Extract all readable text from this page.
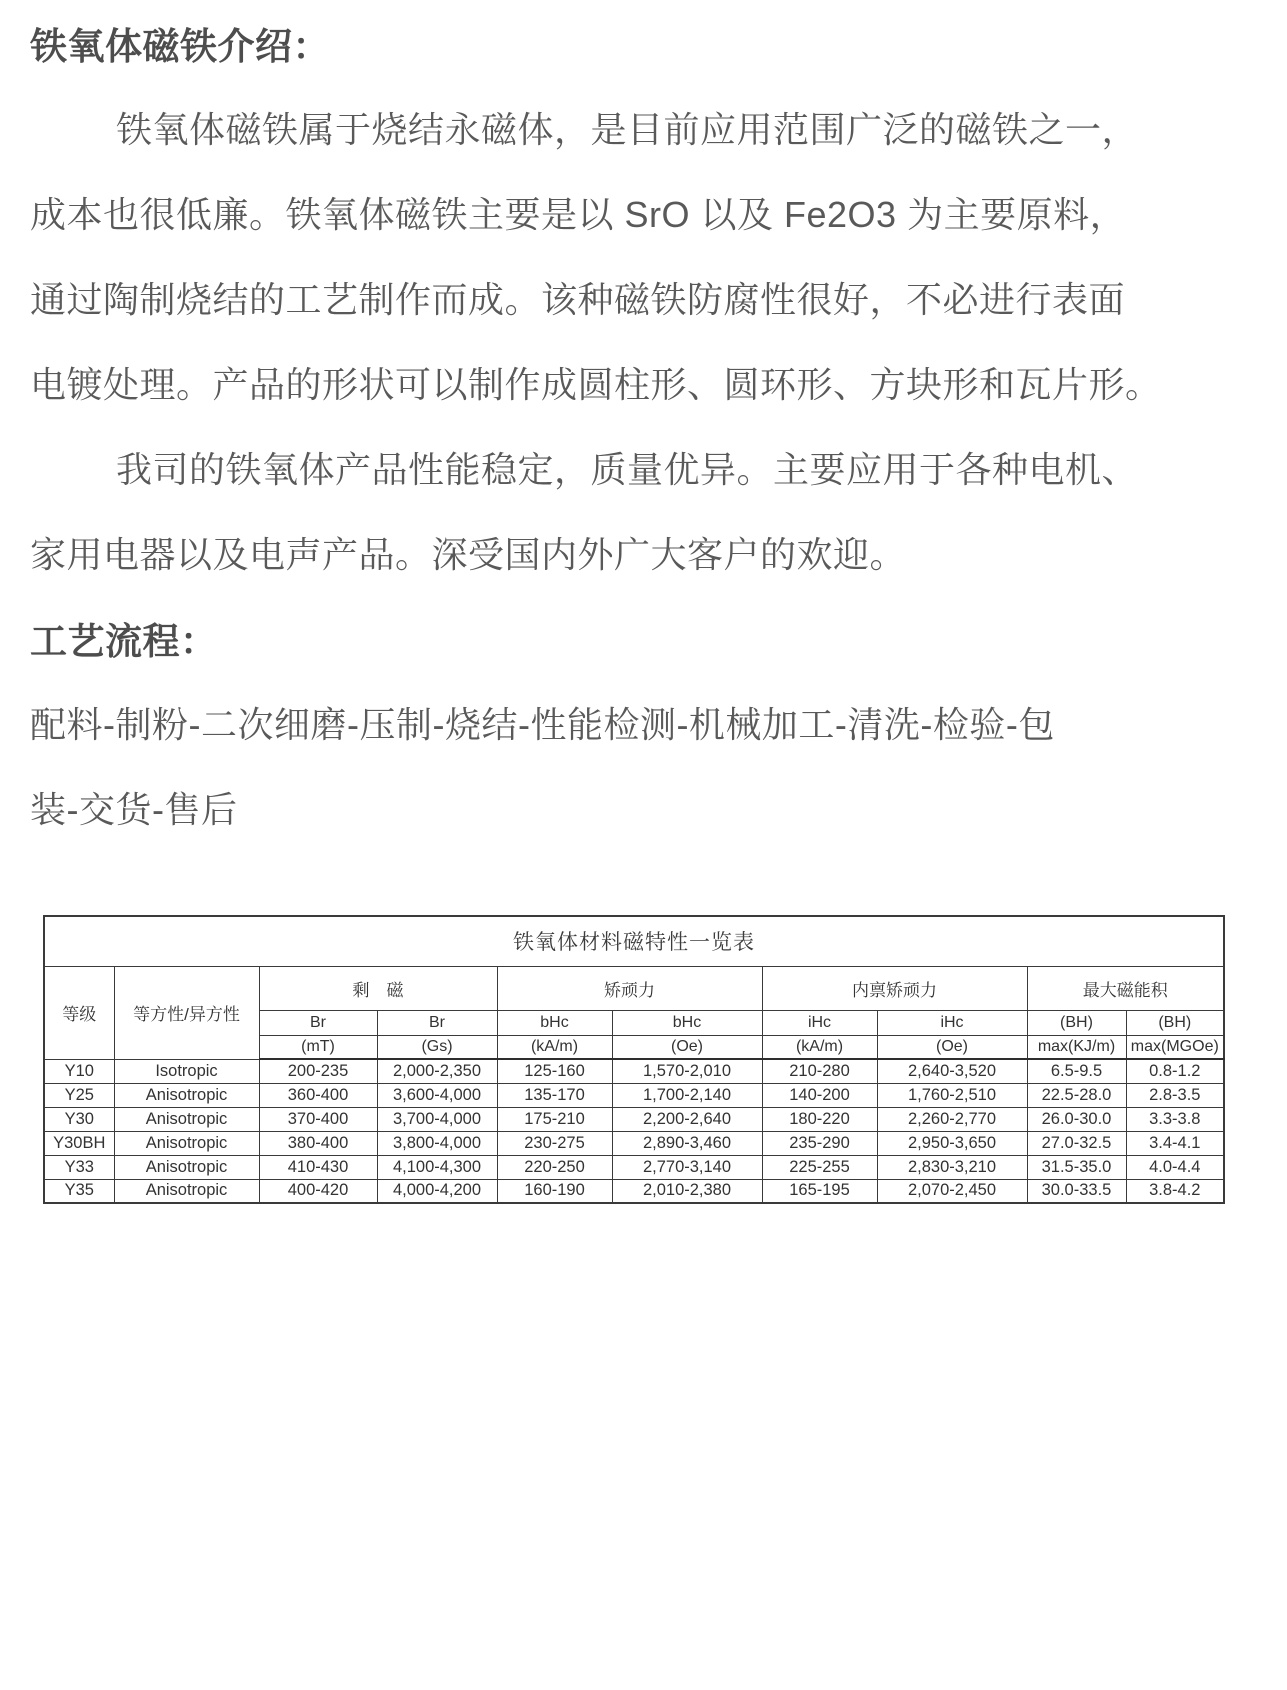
铁氧体磁铁介绍：
铁氧体磁铁属于烧结永磁体，是目前应用范围广泛的磁铁之一，
成本也很低廉。铁氧体磁铁主要是以 SrO 以及 Fe2O3 为主要原料，
通过陶制烧结的工艺制作而成。该种磁铁防腐性很好，不必进行表面
电镀处理。产品的形状可以制作成圆柱形、圆环形、方块形和瓦片形。
我司的铁氧体产品性能稳定，质量优异。主要应用于各种电机、
家用电器以及电声产品。深受国内外广大客户的欢迎。
工艺流程：
配料-制粉-二次细磨-压制-烧结-性能检测-机械加工-清洗-检验-包
装-交货-售后
铁氧体材料磁特性一览表									
等级	等方性/异方性	剩　磁		矫顽力		内禀矫顽力		最大磁能积	
		Br	Br	bHc	bHc	iHc	iHc	(BH)	(BH)
		(mT)	(Gs)	(kA/m)	(Oe)	(kA/m)	(Oe)	max(KJ/m)	max(MGOe)
Y10	Isotropic	200-235	2,000-2,350	125-160	1,570-2,010	210-280	2,640-3,520	6.5-9.5	0.8-1.2
Y25	Anisotropic	360-400	3,600-4,000	135-170	1,700-2,140	140-200	1,760-2,510	22.5-28.0	2.8-3.5
Y30	Anisotropic	370-400	3,700-4,000	175-210	2,200-2,640	180-220	2,260-2,770	26.0-30.0	3.3-3.8
Y30BH	Anisotropic	380-400	3,800-4,000	230-275	2,890-3,460	235-290	2,950-3,650	27.0-32.5	3.4-4.1
Y33	Anisotropic	410-430	4,100-4,300	220-250	2,770-3,140	225-255	2,830-3,210	31.5-35.0	4.0-4.4
Y35	Anisotropic	400-420	4,000-4,200	160-190	2,010-2,380	165-195	2,070-2,450	30.0-33.5	3.8-4.2
